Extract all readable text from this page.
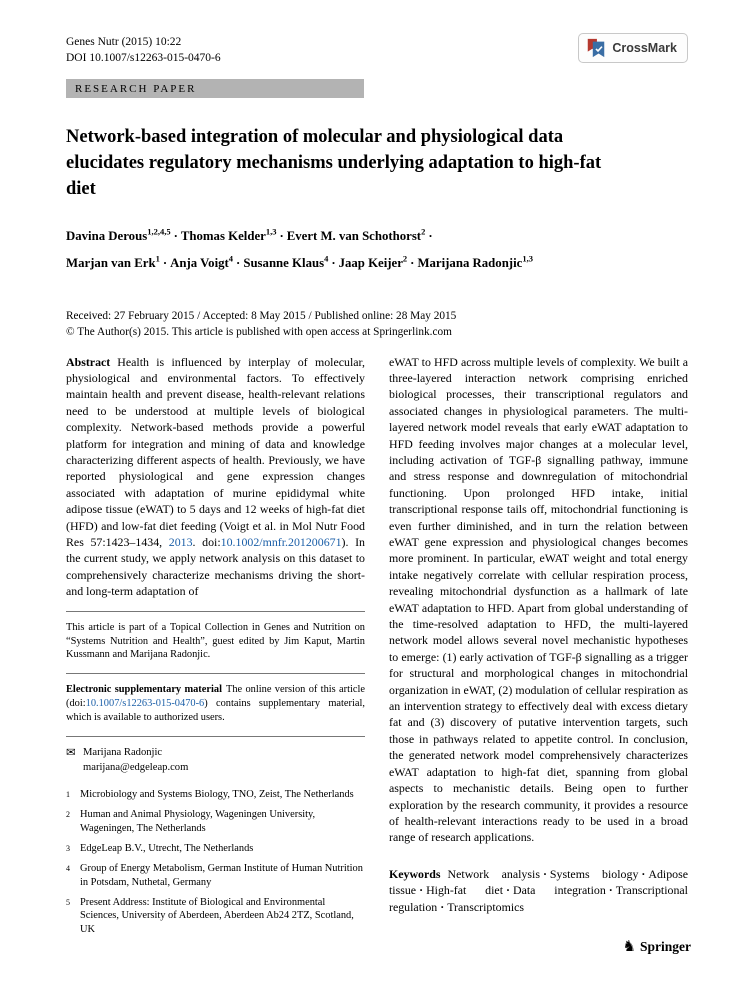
Genes Nutr (2015) 10:22
DOI 10.1007/s12263-015-0470-6
CrossMark
RESEARCH PAPER
Network-based integration of molecular and physiological data elucidates regulatory mechanisms underlying adaptation to high-fat diet
Davina Derous$^{1,2,4,5}$ · Thomas Kelder$^{1,3}$ · Evert M. van Schothorst$^2$ ·
Marjan van Erk$^1$ · Anja Voigt$^4$ · Susanne Klaus$^4$ · Jaap Keijer$^2$ · Marijana Radonjic$^{1,3}$
Received: 27 February 2015 / Accepted: 8 May 2015 / Published online: 28 May 2015
© The Author(s) 2015. This article is published with open access at Springerlink.com

Abstract Health is influenced by interplay of molecular, physiological and environmental factors. To effectively maintain health and prevent disease, health-relevant relations need to be understood at multiple levels of biological complexity. Network-based methods provide a powerful platform for integration and mining of data and knowledge characterizing different aspects of health. Previously, we have reported physiological and gene expression changes associated with adaptation of murine epididymal white adipose tissue (eWAT) to 5 days and 12 weeks of high-fat diet (HFD) and low-fat diet feeding (Voigt et al. in Mol Nutr Food Res 57:1423–1434, 2013. doi:10.1002/mnfr.201200671). In the current study, we apply network analysis on this dataset to comprehensively characterize mechanisms driving the short- and long-term adaptation of

This article is part of a Topical Collection in Genes and Nutrition on “Systems Nutrition and Health”, guest edited by Jim Kaput, Martin Kussmann and Marijana Radonjic.

Electronic supplementary material The online version of this article (doi:10.1007/s12263-015-0470-6) contains supplementary material, which is available to authorized users.

✉ Marijana Radonjic
marijana@edgeleap.com
1 Microbiology and Systems Biology, TNO, Zeist, The Netherlands
2 Human and Animal Physiology, Wageningen University, Wageningen, The Netherlands
3 EdgeLeap B.V., Utrecht, The Netherlands
4 Group of Energy Metabolism, German Institute of Human Nutrition in Potsdam, Nuthetal, Germany
5 Present Address: Institute of Biological and Environmental Sciences, University of Aberdeen, Aberdeen Ab24 2TZ, Scotland, UK

eWAT to HFD across multiple levels of complexity. We built a three-layered interaction network comprising enriched biological processes, their transcriptional regulators and associated changes in physiological parameters. The multi-layered network model reveals that early eWAT adaptation to HFD feeding involves major changes at a molecular level, including activation of TGF-β signalling pathway, immune and stress response and downregulation of mitochondrial functioning. Upon prolonged HFD intake, initial transcriptional response tails off, mitochondrial functioning is even further diminished, and in turn the relation between eWAT gene expression and physiological changes becomes more prominent. In particular, eWAT weight and total energy intake negatively correlate with cellular respiration process, revealing mitochondrial dysfunction as a hallmark of late eWAT adaptation to HFD. Apart from global understanding of the time-resolved adaptation to HFD, the multi-layered network model allows several novel mechanistic hypotheses to emerge: (1) early activation of TGF-β signalling as a trigger for structural and morphological changes in mitochondrial organization in eWAT, (2) modulation of cellular respiration as an intervention strategy to effectively deal with excess dietary fat and (3) discovery of putative intervention targets, such those in pathways related to appetite control. In conclusion, the generated network model comprehensively characterizes eWAT adaptation to high-fat diet, spanning from global aspects to mechanistic details. Being open to further exploration by the research community, it provides a resource of health-relevant interactions ready to be used in a broad range of research applications.

Keywords Network analysis · Systems biology · Adipose tissue · High-fat diet · Data integration · Transcriptional regulation · Transcriptomics

♞ Springer
